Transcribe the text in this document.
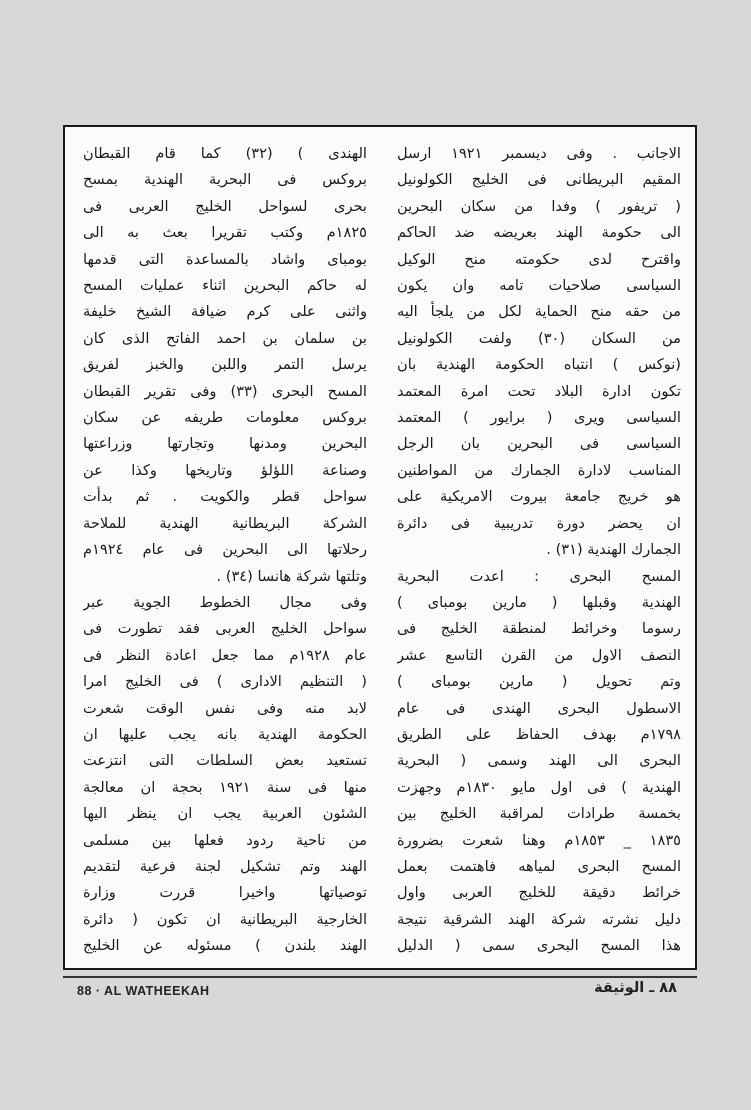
الاجانب . وفى ديسمبر ١٩٢١ ارسل
المقيم البريطانى فى الخليج الكولونيل
( تريفور ) وفدا من سكان البحرين
الى حكومة الهند بعريضه ضد الحاكم
واقترح لدى حكومته منح الوكيل
السياسى صلاحيات تامه وان يكون
من حقه منح الحماية لكل من يلجأ اليه
من السكان (٣٠) ولفت الكولونيل
(نوكس ) انتباه الحكومة الهندية بان
تكون ادارة البلاد تحت امرة المعتمد
السياسى ويرى ( برايور ) المعتمد
السياسى فى البحرين بان الرجل
المناسب لادارة الجمارك من المواطنين
هو خريج جامعة بيروت الامريكية على
ان يحضر دورة تدريبية فى دائرة
الجمارك الهندية (٣١) .
المسح البحرى : اعدت البحرية
الهندية وقبلها ( مارين بومباى )
رسوما وخرائط لمنطقة الخليج فى
النصف الاول من القرن التاسع عشر
وتم تحويل ( مارين بومباى )
الاسطول البحرى الهندى فى عام
١٧٩٨م بهدف الحفاظ على الطريق
البحرى الى الهند وسمى ( البحرية
الهندية ) فى اول مايو ١٨٣٠م وجهزت
بخمسة طرادات لمراقبة الخليج بين
١٨٣٥ _ ١٨٥٣م وهنا شعرت بضرورة
المسح البحرى لمياهه فاهتمت بعمل
خرائط دقيقة للخليج العربى واول
دليل نشرته شركة الهند الشرقية نتيجة
هذا المسح البحرى سمى ( الدليل
الهندى ) (٣٢) كما قام القبطان
بروكس فى البحرية الهندية بمسح
بحرى لسواحل الخليج العربى فى
١٨٢٥م وكتب تقريرا بعث به الى
بومباى واشاد بالمساعدة التى قدمها
له حاكم البحرين اثناء عمليات المسح
واثنى على كرم ضيافة الشيخ خليفة
بن سلمان بن احمد الفاتح الذى كان
يرسل التمر واللبن والخبز لفريق
المسح البحرى (٣٣) وفى تقرير القبطان
بروكس معلومات طريفه عن سكان
البحرين ومدنها وتجارتها وزراعتها
وصناعة اللؤلؤ وتاريخها وكذا عن
سواحل قطر والكويت . ثم بدأت
الشركة البريطانية الهندية للملاحة
رحلاتها الى البحرين فى عام ١٩٢٤م
وتلتها شركة هانسا (٣٤) .
وفى مجال الخطوط الجوية عبر
سواحل الخليج العربى فقد تطورت فى
عام ١٩٢٨م مما جعل اعادة النظر فى
( التنظيم الادارى ) فى الخليج امرا
لابد منه وفى نفس الوقت شعرت
الحكومة الهندية بانه يجب عليها ان
تستعيد بعض السلطات التى انتزعت
منها فى سنة ١٩٢١ بحجة ان معالجة
الشئون العربية يجب ان ينظر اليها
من ناحية ردود فعلها بين مسلمى
الهند وتم تشكيل لجنة فرعية لتقديم
توصياتها واخيرا قررت وزارة
الخارجية البريطانية ان تكون ( دائرة
الهند بلندن ) مسئوله عن الخليج
88 · AL WATHEEKAH	٨٨ ـ الوثيقة
